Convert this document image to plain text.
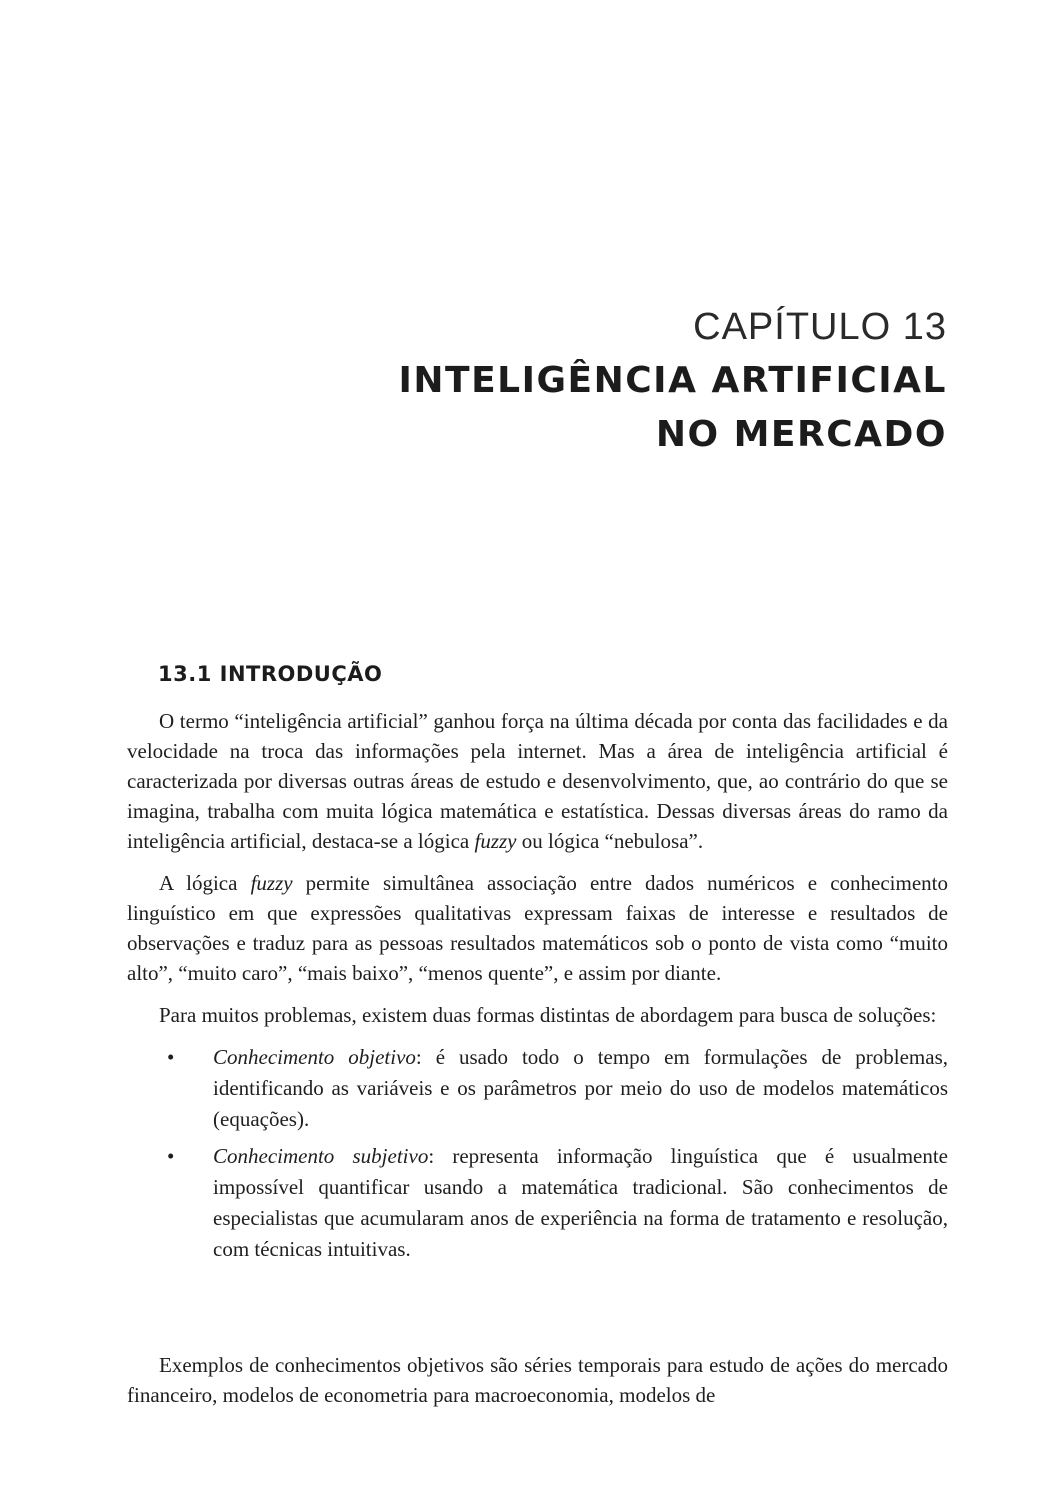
CAPÍTULO 13
INTELIGÊNCIA ARTIFICIAL
NO MERCADO
13.1 INTRODUÇÃO

O termo “inteligência artificial” ganhou força na última década por conta das facilidades e da velocidade na troca das informações pela internet. Mas a área de inteligência artificial é caracterizada por diversas outras áreas de estudo e desenvolvimento, que, ao contrário do que se imagina, trabalha com muita lógica matemática e estatística. Dessas diversas áreas do ramo da inteligência artificial, destaca-se a lógica fuzzy ou lógica “nebulosa”.

A lógica fuzzy permite simultânea associação entre dados numéricos e conhecimento linguístico em que expressões qualitativas expressam faixas de interesse e resultados de observações e traduz para as pessoas resultados matemáticos sob o ponto de vista como “muito alto”, “muito caro”, “mais baixo”, “menos quente”, e assim por diante.

Para muitos problemas, existem duas formas distintas de abordagem para busca de soluções:

• Conhecimento objetivo: é usado todo o tempo em formulações de problemas, identificando as variáveis e os parâmetros por meio do uso de modelos matemáticos (equações).
• Conhecimento subjetivo: representa informação linguística que é usualmente impossível quantificar usando a matemática tradicional. São conhecimentos de especialistas que acumularam anos de experiência na forma de tratamento e resolução, com técnicas intuitivas.

Exemplos de conhecimentos objetivos são séries temporais para estudo de ações do mercado financeiro, modelos de econometria para macroeconomia, modelos de
